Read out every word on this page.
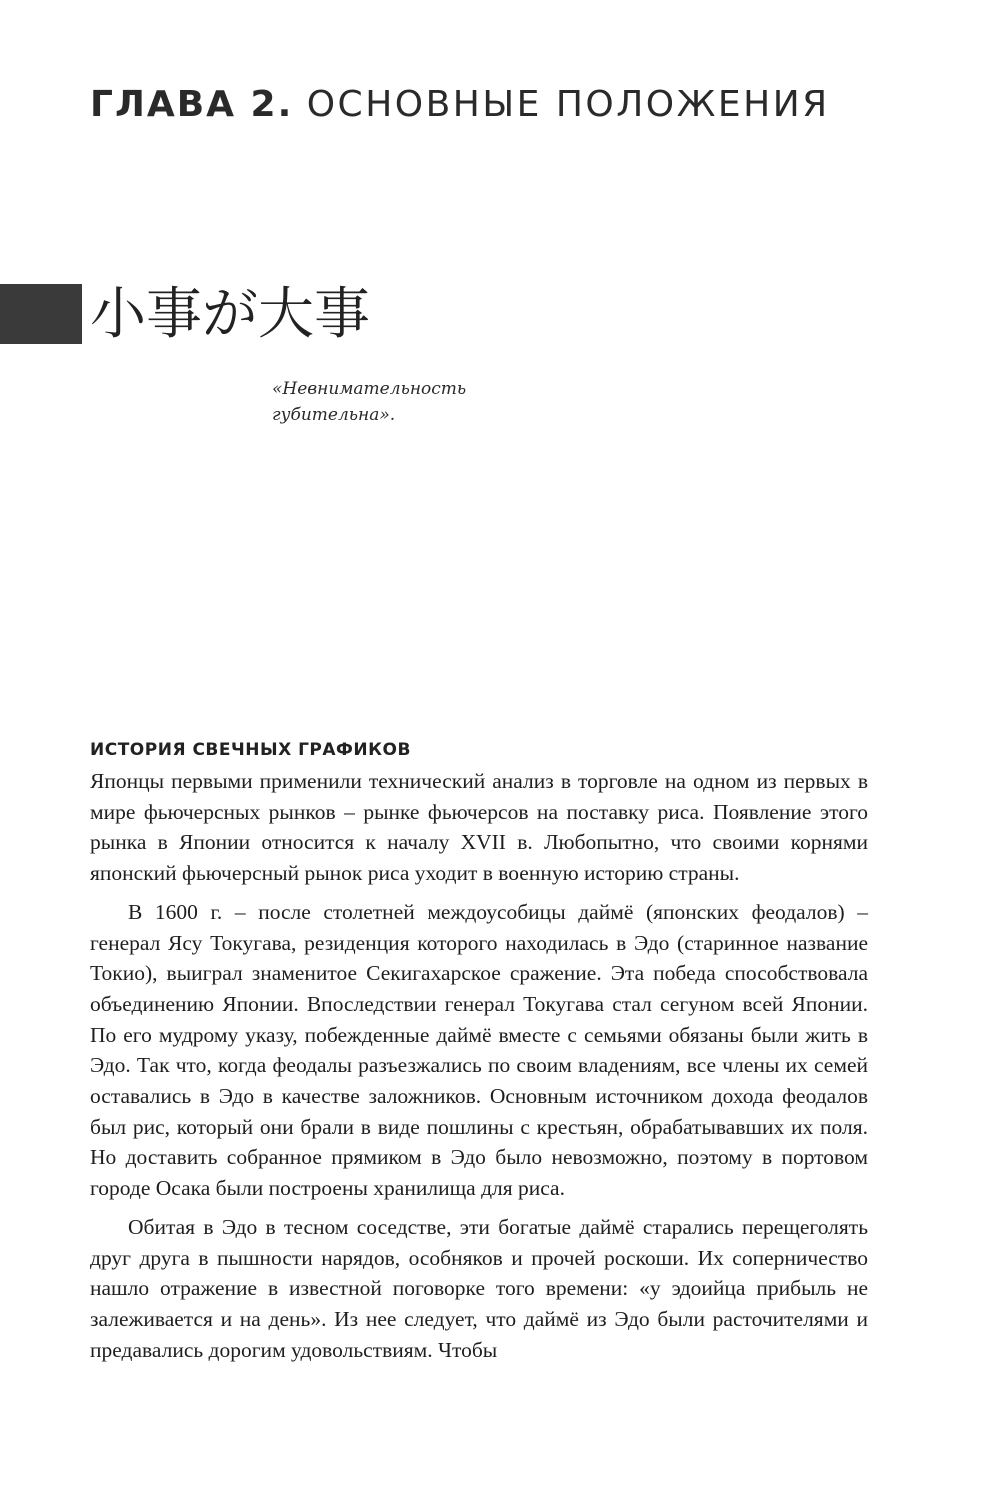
ГЛАВА 2. ОСНОВНЫЕ ПОЛОЖЕНИЯ
小事が大事
«Невнимательность губительна».
ИСТОРИЯ СВЕЧНЫХ ГРАФИКОВ

Японцы первыми применили технический анализ в торговле на одном из первых в мире фьючерсных рынков – рынке фьючерсов на поставку риса. Появление этого рынка в Японии относится к началу XVII в. Любопытно, что своими корнями японский фьючерсный рынок риса уходит в военную историю страны.

В 1600 г. – после столетней междоусобицы даймё (японских феодалов) – генерал Ясу Токугава, резиденция которого находилась в Эдо (старинное название Токио), выиграл знаменитое Секигахарское сражение. Эта победа способствовала объединению Японии. Впоследствии генерал Токугава стал сегуном всей Японии. По его мудрому указу, побежденные даймё вместе с семьями обязаны были жить в Эдо. Так что, когда феодалы разъезжались по своим владениям, все члены их семей оставались в Эдо в качестве заложников. Основным источником дохода феодалов был рис, который они брали в виде пошлины с крестьян, обрабатывавших их поля. Но доставить собранное прямиком в Эдо было невозможно, поэтому в портовом городе Осака были построены хранилища для риса.

Обитая в Эдо в тесном соседстве, эти богатые даймё старались перещеголять друг друга в пышности нарядов, особняков и прочей роскоши. Их соперничество нашло отражение в известной поговорке того времени: «у эдоийца прибыль не залеживается и на день». Из нее следует, что даймё из Эдо были расточителями и предавались дорогим удовольствиям. Чтобы
